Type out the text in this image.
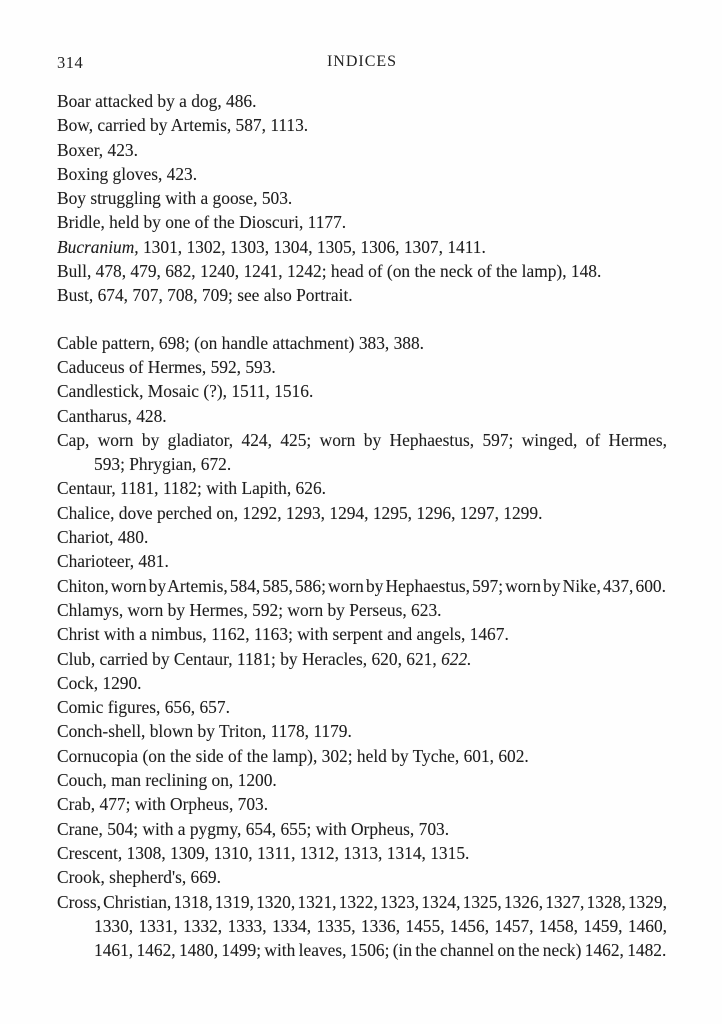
314	INDICES
Boar attacked by a dog, 486.
Bow, carried by Artemis, 587, 1113.
Boxer, 423.
Boxing gloves, 423.
Boy struggling with a goose, 503.
Bridle, held by one of the Dioscuri, 1177.
Bucranium, 1301, 1302, 1303, 1304, 1305, 1306, 1307, 1411.
Bull, 478, 479, 682, 1240, 1241, 1242; head of (on the neck of the lamp), 148.
Bust, 674, 707, 708, 709; see also Portrait.
Cable pattern, 698; (on handle attachment) 383, 388.
Caduceus of Hermes, 592, 593.
Candlestick, Mosaic (?), 1511, 1516.
Cantharus, 428.
Cap, worn by gladiator, 424, 425; worn by Hephaestus, 597; winged, of Hermes,
593; Phrygian, 672.
Centaur, 1181, 1182; with Lapith, 626.
Chalice, dove perched on, 1292, 1293, 1294, 1295, 1296, 1297, 1299.
Chariot, 480.
Charioteer, 481.
Chiton, worn by Artemis, 584, 585, 586; worn by Hephaestus, 597; worn by Nike, 437, 600.
Chlamys, worn by Hermes, 592; worn by Perseus, 623.
Christ with a nimbus, 1162, 1163; with serpent and angels, 1467.
Club, carried by Centaur, 1181; by Heracles, 620, 621, 622.
Cock, 1290.
Comic figures, 656, 657.
Conch-shell, blown by Triton, 1178, 1179.
Cornucopia (on the side of the lamp), 302; held by Tyche, 601, 602.
Couch, man reclining on, 1200.
Crab, 477; with Orpheus, 703.
Crane, 504; with a pygmy, 654, 655; with Orpheus, 703.
Crescent, 1308, 1309, 1310, 1311, 1312, 1313, 1314, 1315.
Crook, shepherd's, 669.
Cross, Christian, 1318, 1319, 1320, 1321, 1322, 1323, 1324, 1325, 1326, 1327, 1328, 1329,
1330, 1331, 1332, 1333, 1334, 1335, 1336, 1455, 1456, 1457, 1458, 1459, 1460,
1461, 1462, 1480, 1499; with leaves, 1506; (in the channel on the neck) 1462, 1482.
